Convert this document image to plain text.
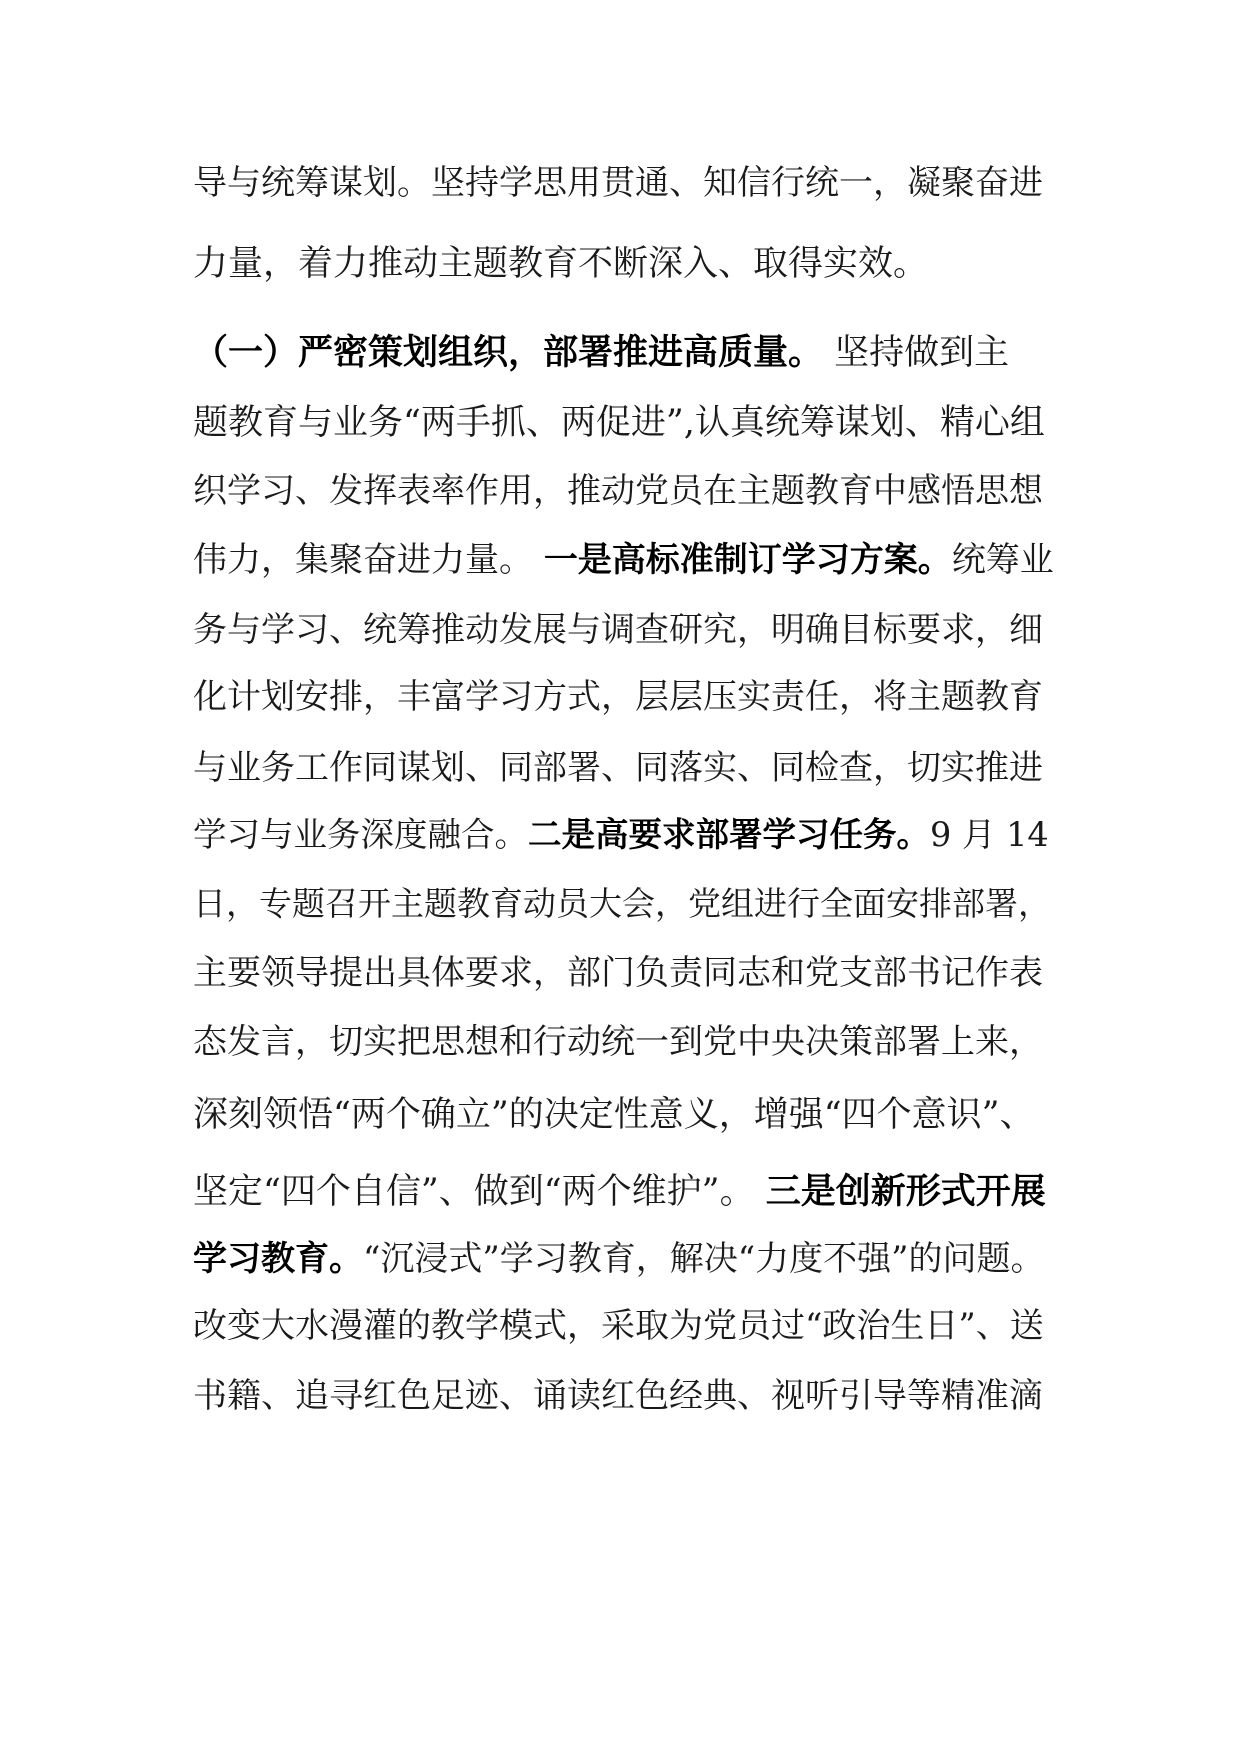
导与统筹谋划。坚持学思用贯通、知信行统一，凝聚奋进
力量，着力推动主题教育不断深入、取得实效。
（一）严密策划组织，部署推进高质量。 坚持做到主
题教育与业务“两手抓、两促进”,认真统筹谋划、精心组
织学习、发挥表率作用，推动党员在主题教育中感悟思想
伟力，集聚奋进力量。 一是高标准制订学习方案。统筹业
务与学习、统筹推动发展与调查研究，明确目标要求，细
化计划安排，丰富学习方式，层层压实责任，将主题教育
与业务工作同谋划、同部署、同落实、同检查，切实推进
学习与业务深度融合。二是高要求部署学习任务。9 月 14
日，专题召开主题教育动员大会，党组进行全面安排部署，
主要领导提出具体要求，部门负责同志和党支部书记作表
态发言，切实把思想和行动统一到党中央决策部署上来，
深刻领悟“两个确立”的决定性意义，增强“四个意识”、
坚定“四个自信”、做到“两个维护”。 三是创新形式开展
学习教育。“沉浸式”学习教育，解决“力度不强”的问题。
改变大水漫灌的教学模式，采取为党员过“政治生日”、送
书籍、追寻红色足迹、诵读红色经典、视听引导等精准滴
